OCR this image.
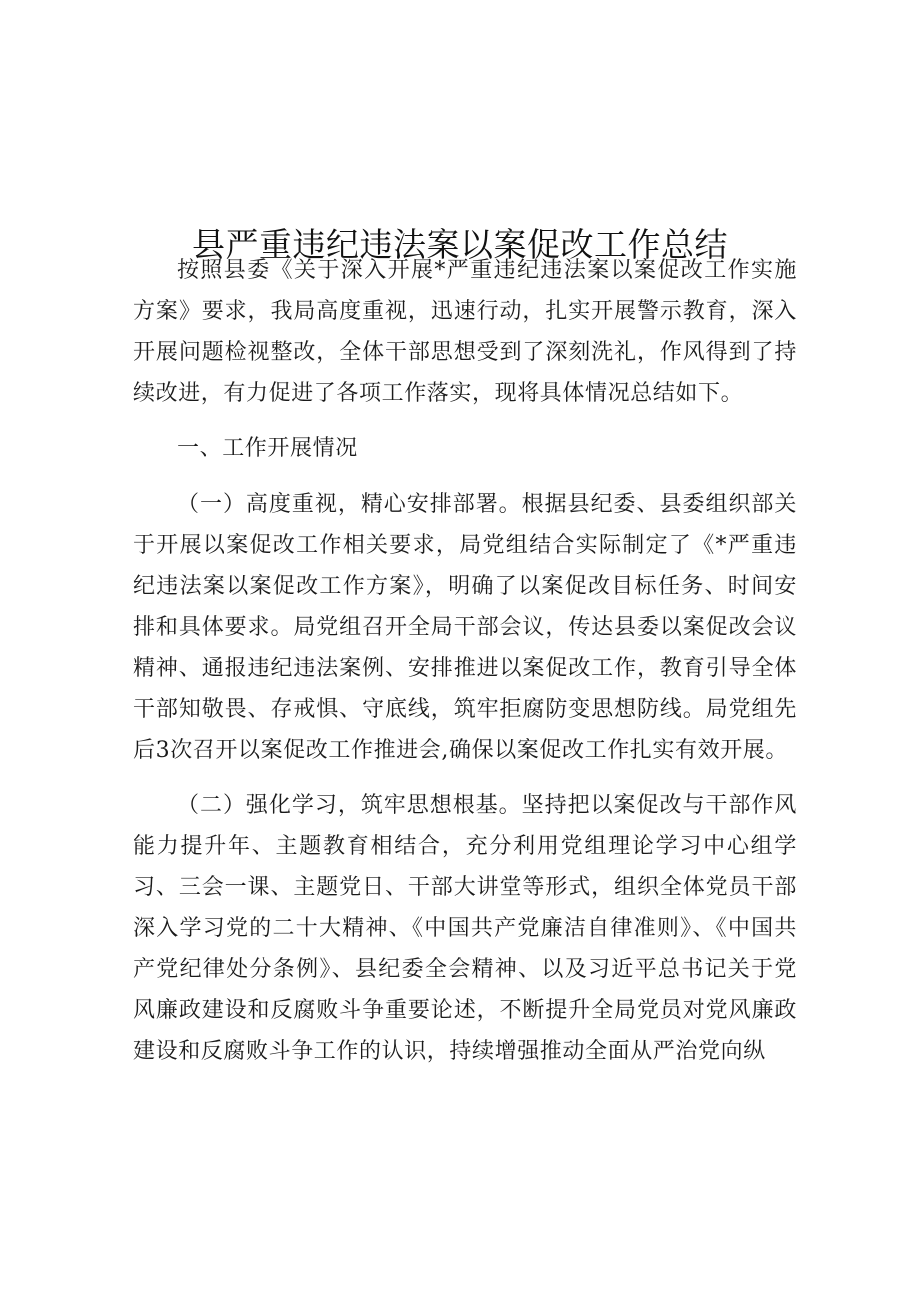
县严重违纪违法案以案促改工作总结

按照县委《关于深入开展*严重违纪违法案以案促改工作实施方案》要求，我局高度重视，迅速行动，扎实开展警示教育，深入开展问题检视整改，全体干部思想受到了深刻洗礼，作风得到了持续改进，有力促进了各项工作落实，现将具体情况总结如下。

一、工作开展情况

（一）高度重视，精心安排部署。根据县纪委、县委组织部关于开展以案促改工作相关要求，局党组结合实际制定了《*严重违纪违法案以案促改工作方案》，明确了以案促改目标任务、时间安排和具体要求。局党组召开全局干部会议，传达县委以案促改会议精神、通报违纪违法案例、安排推进以案促改工作，教育引导全体干部知敬畏、存戒惧、守底线，筑牢拒腐防变思想防线。局党组先后3次召开以案促改工作推进会,确保以案促改工作扎实有效开展。

（二）强化学习，筑牢思想根基。坚持把以案促改与干部作风能力提升年、主题教育相结合，充分利用党组理论学习中心组学习、三会一课、主题党日、干部大讲堂等形式，组织全体党员干部深入学习党的二十大精神、《中国共产党廉洁自律准则》、《中国共产党纪律处分条例》、县纪委全会精神、以及习近平总书记关于党风廉政建设和反腐败斗争重要论述，不断提升全局党员对党风廉政建设和反腐败斗争工作的认识，持续增强推动全面从严治党向纵
